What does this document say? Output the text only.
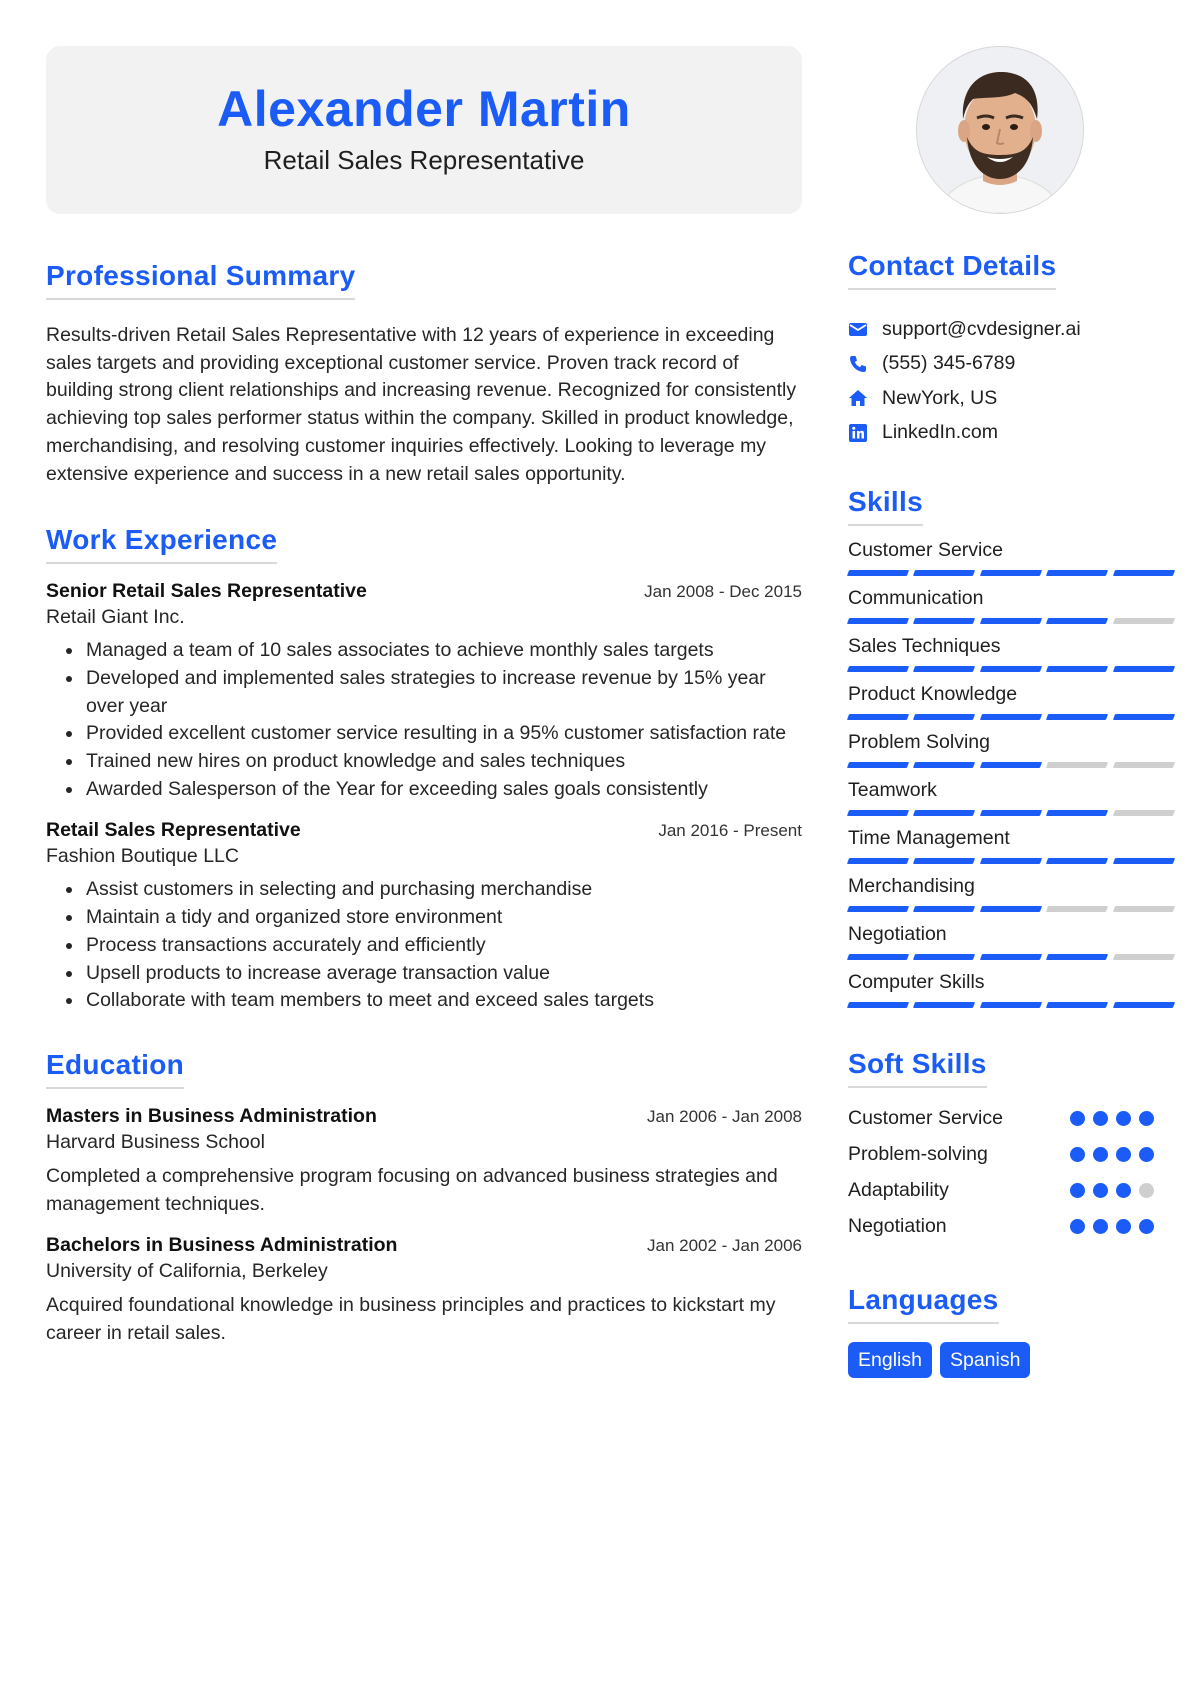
Alexander Martin
Retail Sales Representative
Professional Summary

Results-driven Retail Sales Representative with 12 years of experience in exceeding sales targets and providing exceptional customer service. Proven track record of building strong client relationships and increasing revenue. Recognized for consistently achieving top sales performer status within the company. Skilled in product knowledge, merchandising, and resolving customer inquiries effectively. Looking to leverage my extensive experience and success in a new retail sales opportunity.

Work Experience
Senior Retail Sales Representative	Jan 2008 - Dec 2015
Retail Giant Inc.
• Managed a team of 10 sales associates to achieve monthly sales targets
• Developed and implemented sales strategies to increase revenue by 15% year over year
• Provided excellent customer service resulting in a 95% customer satisfaction rate
• Trained new hires on product knowledge and sales techniques
• Awarded Salesperson of the Year for exceeding sales goals consistently
Retail Sales Representative	Jan 2016 - Present
Fashion Boutique LLC
• Assist customers in selecting and purchasing merchandise
• Maintain a tidy and organized store environment
• Process transactions accurately and efficiently
• Upsell products to increase average transaction value
• Collaborate with team members to meet and exceed sales targets
Education
Masters in Business Administration	Jan 2006 - Jan 2008
Harvard Business School

Completed a comprehensive program focusing on advanced business strategies and management techniques.

Bachelors in Business Administration	Jan 2002 - Jan 2006
University of California, Berkeley

Acquired foundational knowledge in business principles and practices to kickstart my career in retail sales.

Contact Details
support@cvdesigner.ai
(555) 345-6789
NewYork, US
LinkedIn.com
Skills
Customer Service
Communication
Sales Techniques
Product Knowledge
Problem Solving
Teamwork
Time Management
Merchandising
Negotiation
Computer Skills
Soft Skills
Customer Service
Problem-solving
Adaptability
Negotiation
Languages
English	Spanish
